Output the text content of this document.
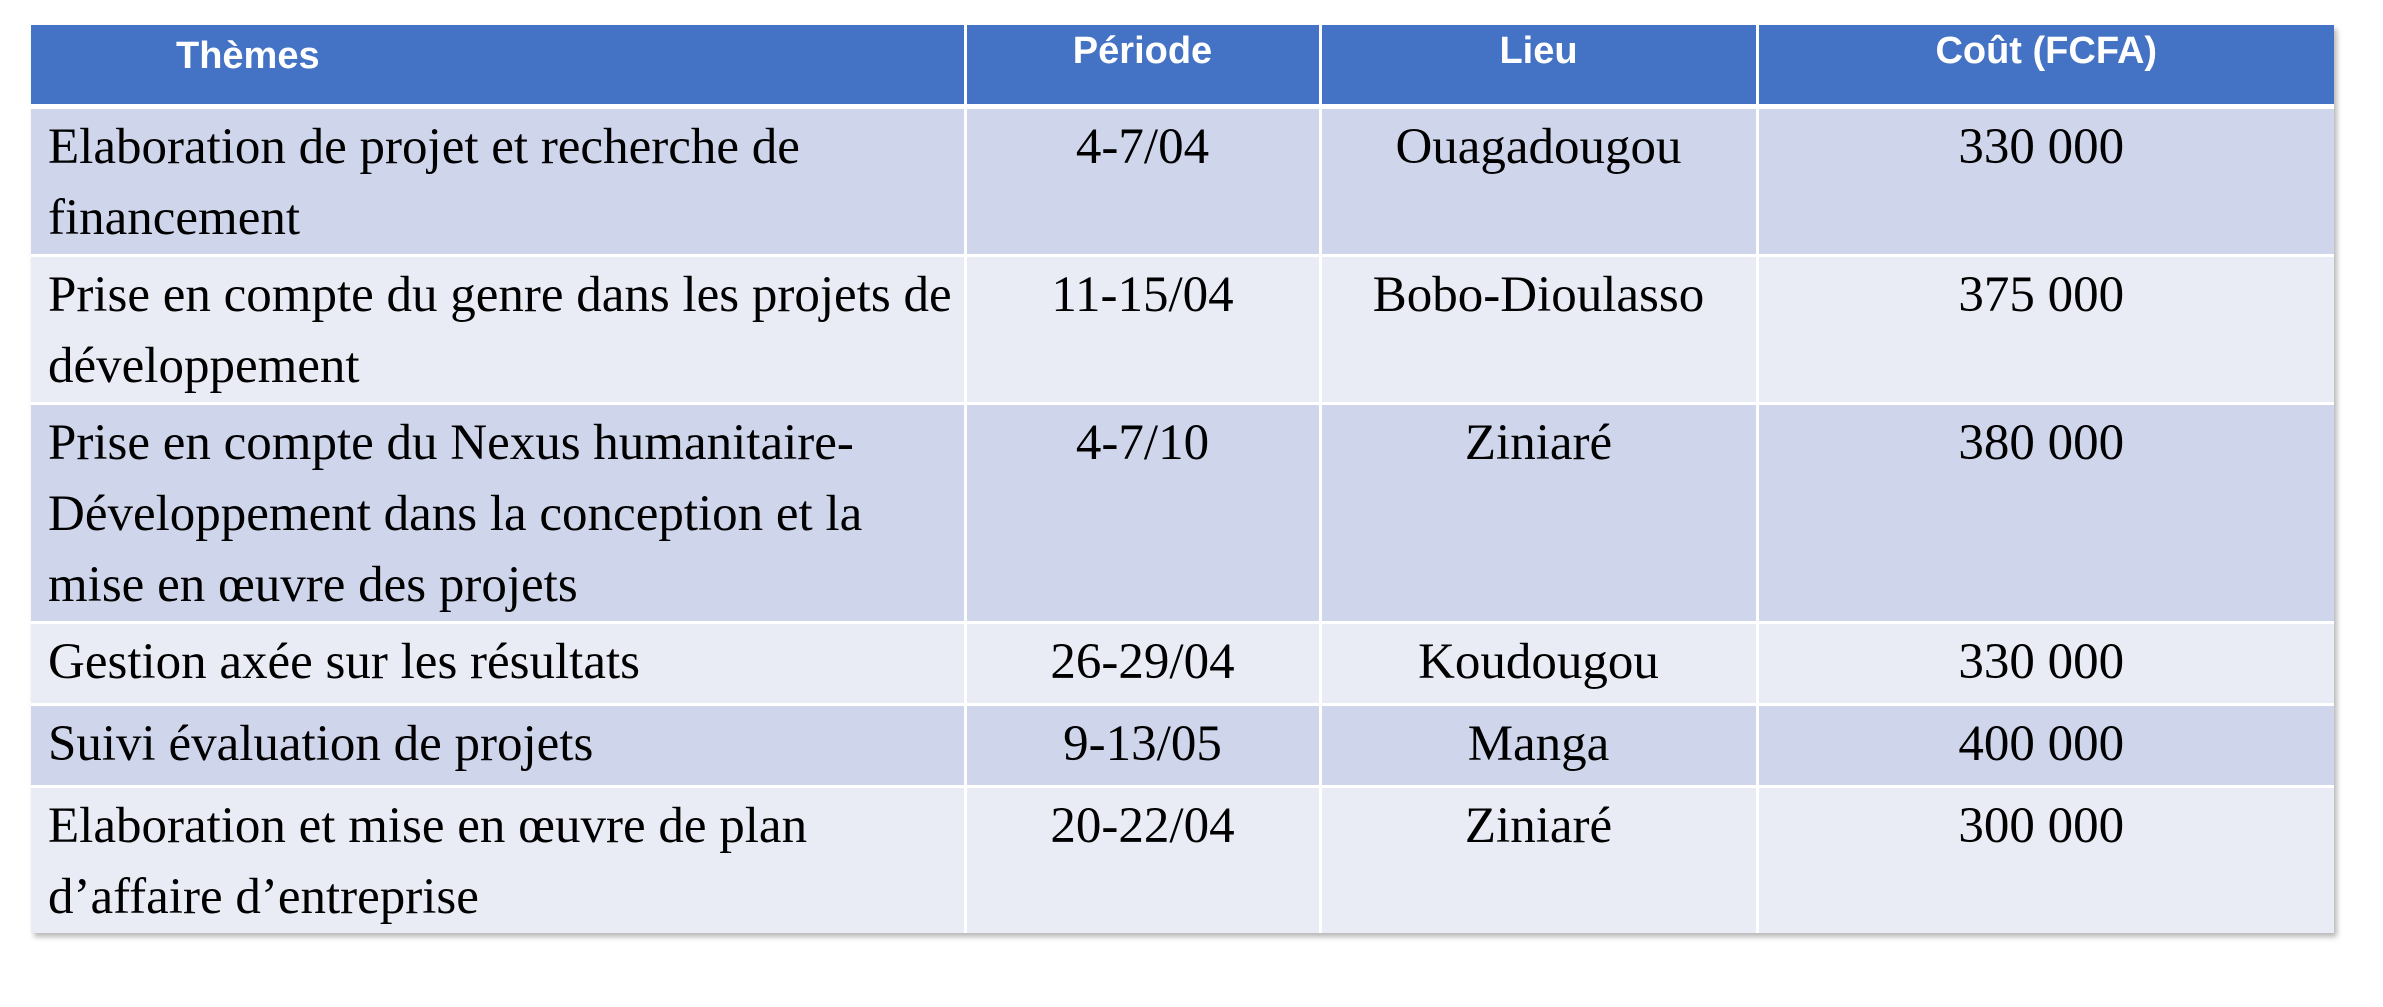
Thèmes	Période	Lieu	Coût (FCFA)

Elaboration de projet et recherche de financement	4-7/04	Ouagadougou	330 000

Prise en compte du genre dans les projets de développement	11-15/04	Bobo-Dioulasso	375 000

Prise en compte du Nexus humanitaire-Développement dans la conception et la mise en œuvre des projets	4-7/10	Ziniaré	380 000

Gestion axée sur les résultats	26-29/04	Koudougou	330 000

Suivi évaluation de projets	9-13/05	Manga	400 000

Elaboration et mise en œuvre de plan d’affaire d’entreprise	20-22/04	Ziniaré	300 000
